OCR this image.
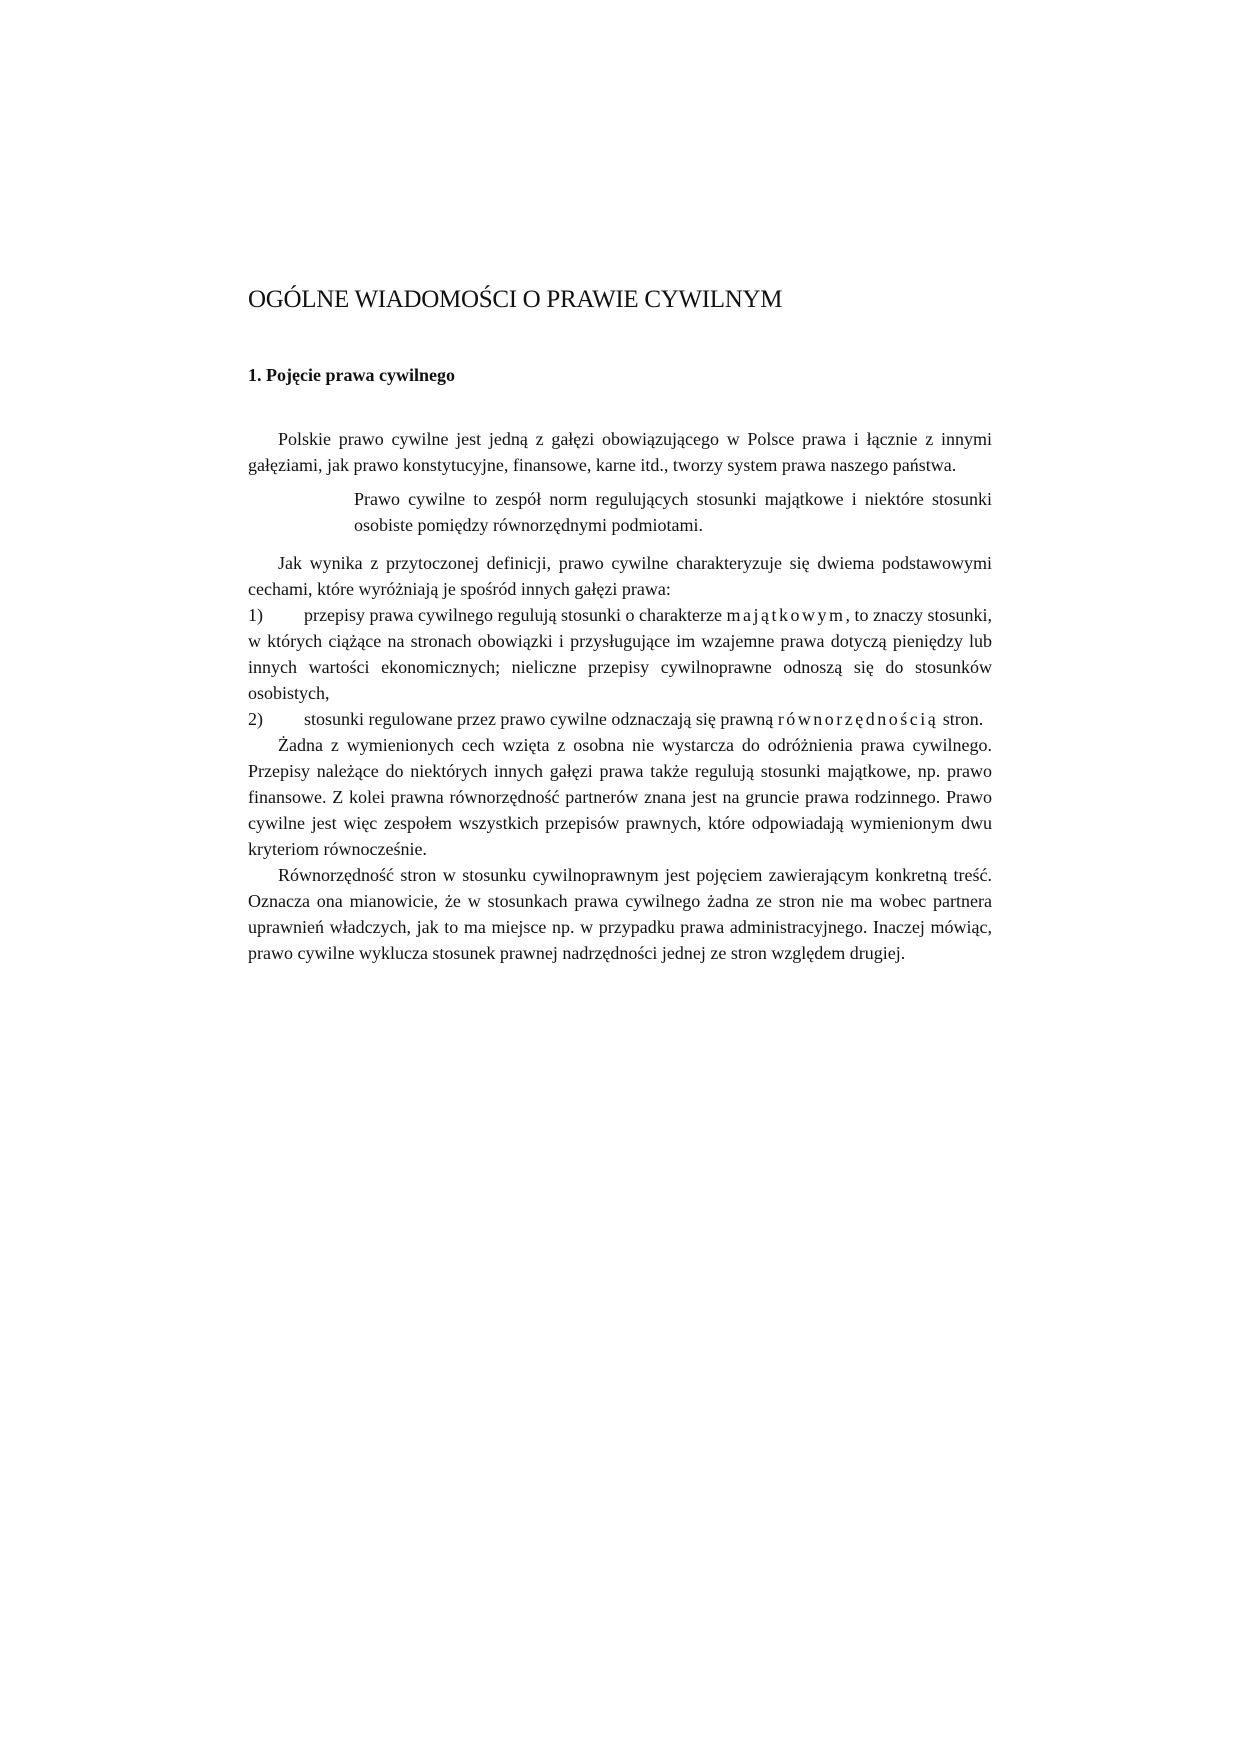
OGÓLNE WIADOMOŚCI O PRAWIE CYWILNYM
1. Pojęcie prawa cywilnego

Polskie prawo cywilne jest jedną z gałęzi obowiązującego w Polsce prawa i łącznie z innymi gałęziami, jak prawo konstytucyjne, finansowe, karne itd., tworzy system prawa naszego państwa.

Prawo cywilne to zespół norm regulujących stosunki majątkowe i niektóre stosunki osobiste pomiędzy równorzędnymi podmiotami.

Jak wynika z przytoczonej definicji, prawo cywilne charakteryzuje się dwiema podstawowymi cechami, które wyróżniają je spośród innych gałęzi prawa:

1) przepisy prawa cywilnego regulują stosunki o charakterze majątkowym, to znaczy stosunki, w których ciążące na stronach obowiązki i przysługujące im wzajemne prawa dotyczą pieniędzy lub innych wartości ekonomicznych; nieliczne przepisy cywilnoprawne odnoszą się do stosunków osobistych,

2) stosunki regulowane przez prawo cywilne odznaczają się prawną równorzędnością stron.

Żadna z wymienionych cech wzięta z osobna nie wystarcza do odróżnienia prawa cywilnego. Przepisy należące do niektórych innych gałęzi prawa także regulują stosunki majątkowe, np. prawo finansowe. Z kolei prawna równorzędność partnerów znana jest na gruncie prawa rodzinnego. Prawo cywilne jest więc zespołem wszystkich przepisów prawnych, które odpowiadają wymienionym dwu kryteriom równocześnie.

Równorzędność stron w stosunku cywilnoprawnym jest pojęciem zawierającym konkretną treść. Oznacza ona mianowicie, że w stosunkach prawa cywilnego żadna ze stron nie ma wobec partnera uprawnień władczych, jak to ma miejsce np. w przypadku prawa administracyjnego. Inaczej mówiąc, prawo cywilne wyklucza stosunek prawnej nadrzędności jednej ze stron względem drugiej.
